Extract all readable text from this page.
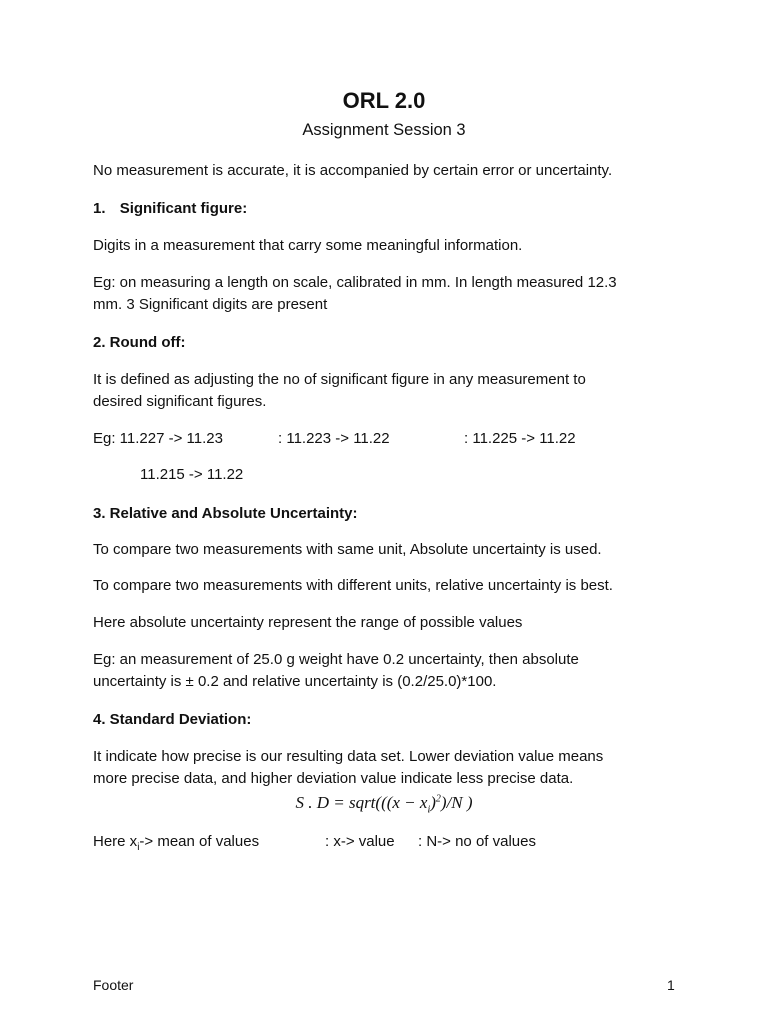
ORL 2.0
Assignment Session 3
No measurement is accurate, it is accompanied by certain error or uncertainty.
1. Significant figure:
Digits in a measurement that carry some meaningful information.
Eg: on measuring a length on scale, calibrated in mm. In length measured 12.3
mm. 3 Significant digits are present
2. Round off:
It is defined as adjusting the no of significant figure in any measurement to
desired significant figures.
Eg: 11.227 -> 11.23	: 11.223 -> 11.22	: 11.225 -> 11.22
11.215 -> 11.22
3. Relative and Absolute Uncertainty:
To compare two measurements with same unit, Absolute uncertainty is used.
To compare two measurements with different units, relative uncertainty is best.
Here absolute uncertainty represent the range of possible values
Eg: an measurement of 25.0 g weight have 0.2 uncertainty, then absolute
uncertainty is ± 0.2 and relative uncertainty is (0.2/25.0)*100.
4. Standard Deviation:
It indicate how precise is our resulting data set. Lower deviation value means
more precise data, and higher deviation value indicate less precise data.
S . D = sqrt(((x − $x_i)^2)/N$ )
Here $x_i->$ mean of values	: x-> value : N-> no of values
Footer	1
